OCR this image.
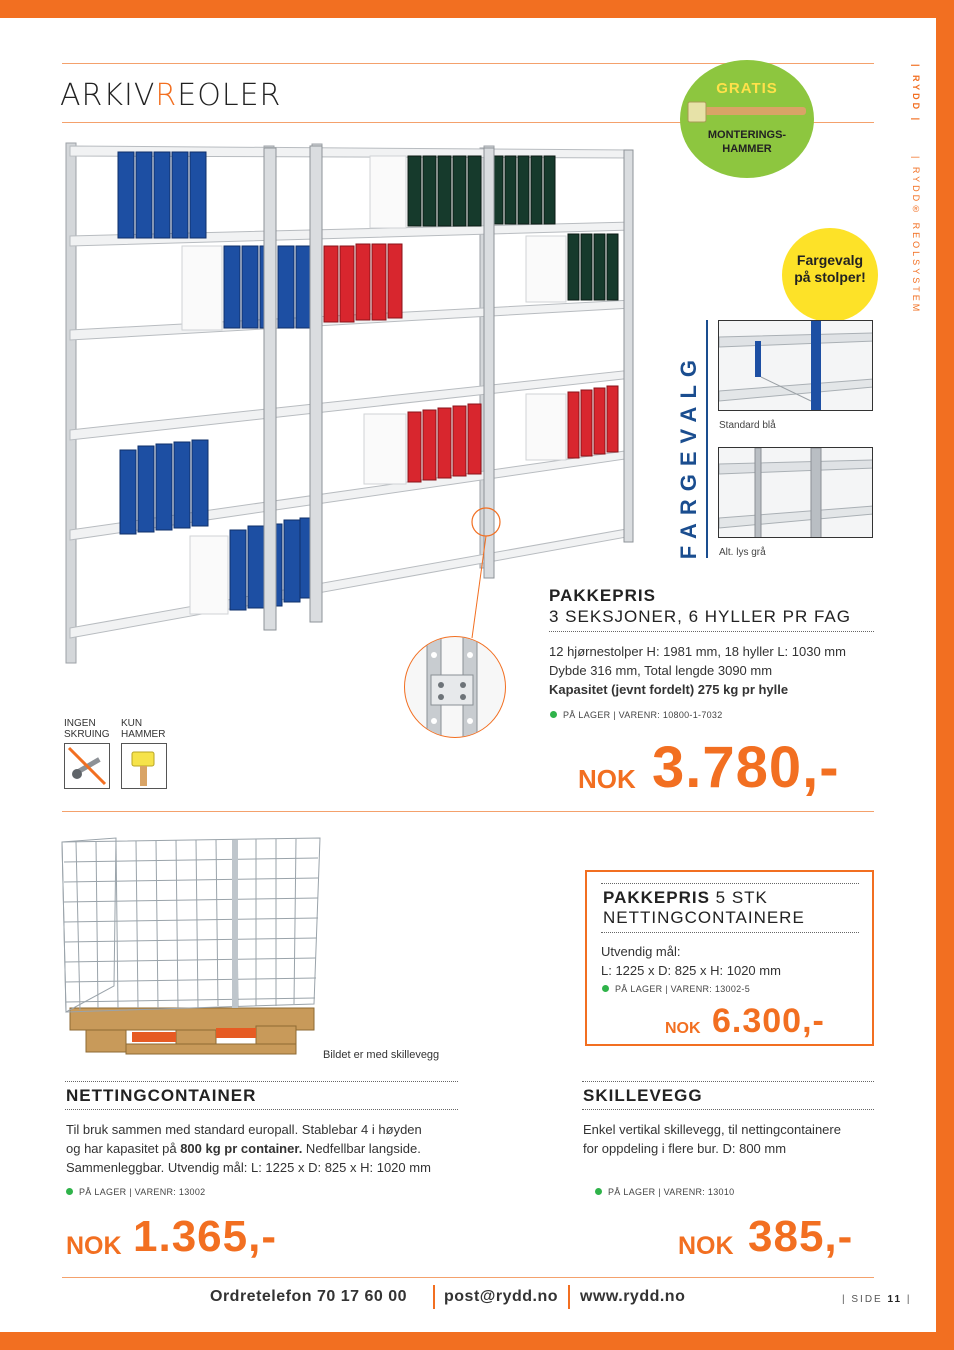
ARKIVREOLER	| RYDD |
| RYDD® REOLSYSTEM
GRATIS
MONTERINGS-
HAMMER
Fargevalg
på stolper!
FARGEVALG Standard blå
Alt. lys grå
PAKKEPRIS
3 SEKSJONER, 6 HYLLER PR FAG
12 hjørnestolper H: 1981 mm, 18 hyller L: 1030 mm
Dybde 316 mm, Total lengde 3090 mm
Kapasitet (jevnt fordelt) 275 kg pr hylle
PÅ LAGER | VARENR: 10800-1-7032
NOK 3.780,-
INGEN
SKRUING
KUN
HAMMER
Bildet er med skillevegg
PAKKEPRIS 5 STK
NETTINGCONTAINERE
Utvendig mål:
L: 1225 x D: 825 x H: 1020 mm
PÅ LAGER | VARENR: 13002-5
NOK 6.300,-
NETTINGCONTAINER
Til bruk sammen med standard europall. Stablebar 4 i høyden
og har kapasitet på 800 kg pr container. Nedfellbar langside.
Sammenleggbar. Utvendig mål: L: 1225 x D: 825 x H: 1020 mm
PÅ LAGER | VARENR: 13002
NOK 1.365,-
SKILLEVEGG
Enkel vertikal skillevegg, til nettingcontainere
for oppdeling i flere bur. D: 800 mm
PÅ LAGER | VARENR: 13010
NOK 385,-
Ordretelefon 70 17 60 00 post@rydd.no www.rydd.no	| SIDE 11 |
